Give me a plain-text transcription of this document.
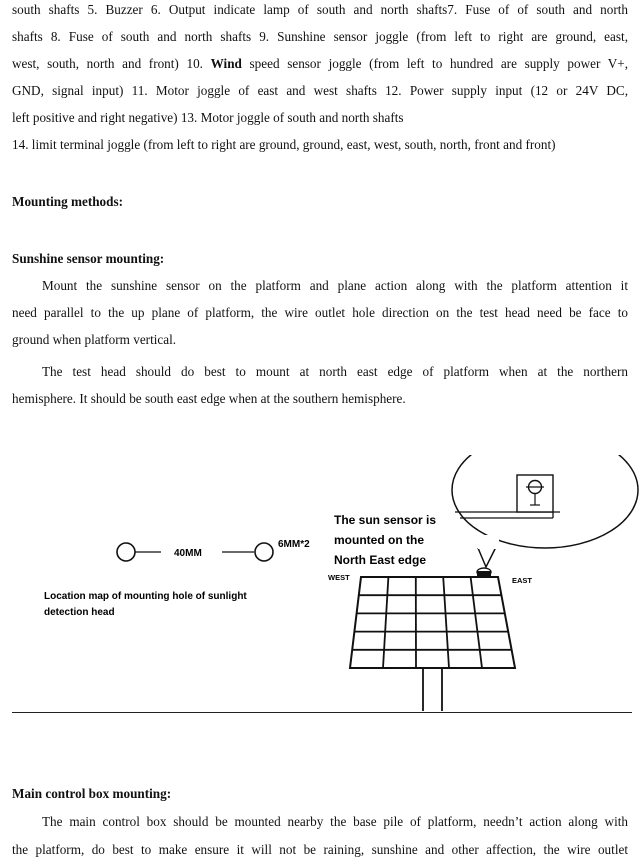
south shafts 5. Buzzer 6. Output indicate lamp of south and north shafts7. Fuse of of south and north
shafts 8. Fuse of south and north shafts 9. Sunshine sensor joggle (from left to right are ground, east,
west, south, north and front) 10. Wind speed sensor joggle (from left to hundred are supply power V+,
GND, signal input) 11. Motor joggle of east and west shafts 12. Power supply input (12 or 24V DC,
left positive and right negative) 13. Motor joggle of south and north shafts
14. limit terminal joggle (from left to right are ground, ground, east, west, south, north, front and front)
Mounting methods:
Sunshine sensor mounting:
Mount the sunshine sensor on the platform and plane action along with the platform attention it
need parallel to the up plane of platform, the wire outlet hole direction on the test head need be face to
ground when platform vertical.
The test head should do best to mount at north east edge of platform when at the northern
hemisphere. It should be south east edge when at the southern hemisphere.
40MM
6MM*2
Location map of mounting hole of sunlight
detection head
The sun sensor is
mounted on the
North East edge
WEST	EAST
Main control box mounting:
The main control box should be mounted nearby the base pile of platform, needn’t action along with
the platform, do best to make ensure it will not be raining, sunshine and other affection, the wire outlet
